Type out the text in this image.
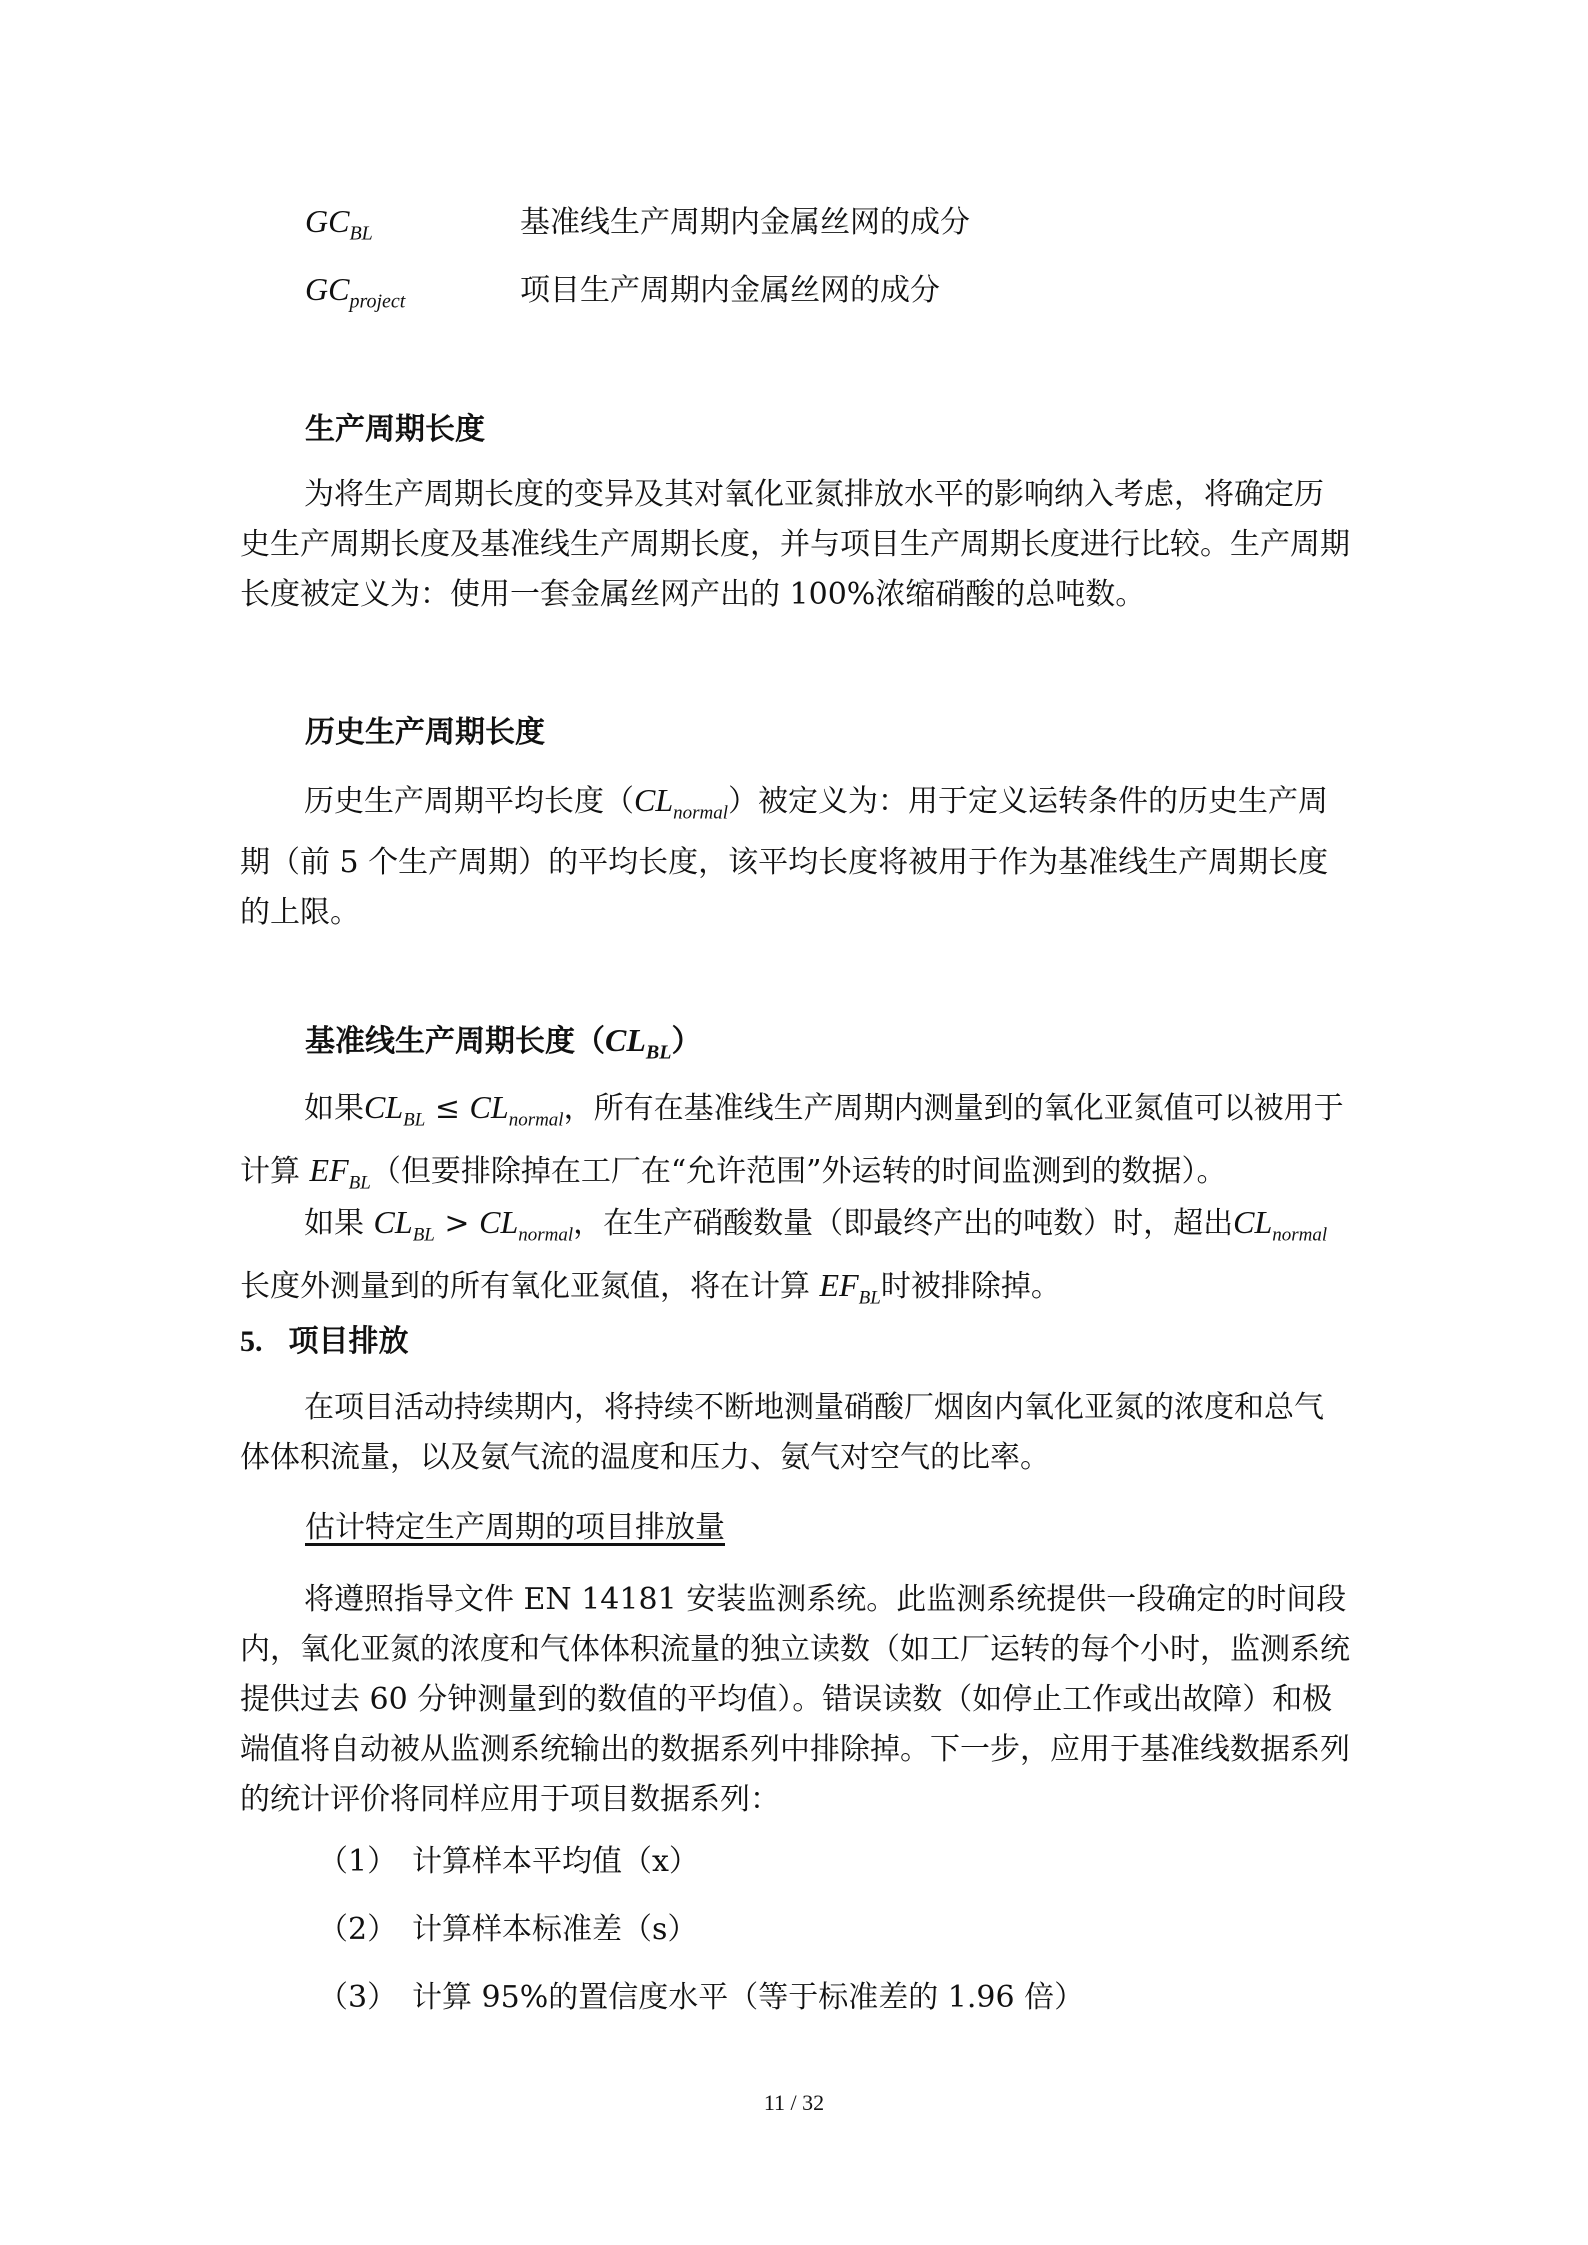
$GC_{BL}$	基准线生产周期内金属丝网的成分
$GC_{project}$	项目生产周期内金属丝网的成分
生产周期长度
为将生产周期长度的变异及其对氧化亚氮排放水平的影响纳入考虑，将确定历史生产周期长度及基准线生产周期长度，并与项目生产周期长度进行比较。生产周期长度被定义为：使用一套金属丝网产出的 100%浓缩硝酸的总吨数。
历史生产周期长度
历史生产周期平均长度$(CL_{normal})$被定义为：用于定义运转条件的历史生产周期（前 5 个生产周期）的平均长度，该平均长度将被用于作为基准线生产周期长度的上限。
基准线生产周期长度$(CL_{BL})$
如果$CL_{BL} \le CL_{normal}$，所有在基准线生产周期内测量到的氧化亚氮值可以被用于计算 $EF_{BL}$（但要排除掉在工厂在“允许范围”外运转的时间监测到的数据）。
如果 $CL_{BL} > CL_{normal}$，在生产硝酸数量（即最终产出的吨数）时，超出$CL_{normal}$长度外测量到的所有氧化亚氮值，将在计算 $EF_{BL}$时被排除掉。
5. 项目排放
在项目活动持续期内，将持续不断地测量硝酸厂烟囱内氧化亚氮的浓度和总气体体积流量，以及氨气流的温度和压力、氨气对空气的比率。
估计特定生产周期的项目排放量
将遵照指导文件 EN 14181 安装监测系统。此监测系统提供一段确定的时间段内，氧化亚氮的浓度和气体体积流量的独立读数（如工厂运转的每个小时，监测系统提供过去 60 分钟测量到的数值的平均值）。错误读数（如停止工作或出故障）和极端值将自动被从监测系统输出的数据系列中排除掉。下一步，应用于基准线数据系列的统计评价将同样应用于项目数据系列：
（1） 计算样本平均值（x）
（2） 计算样本标准差（s）
（3） 计算 95%的置信度水平（等于标准差的 1.96 倍）
11 / 32
